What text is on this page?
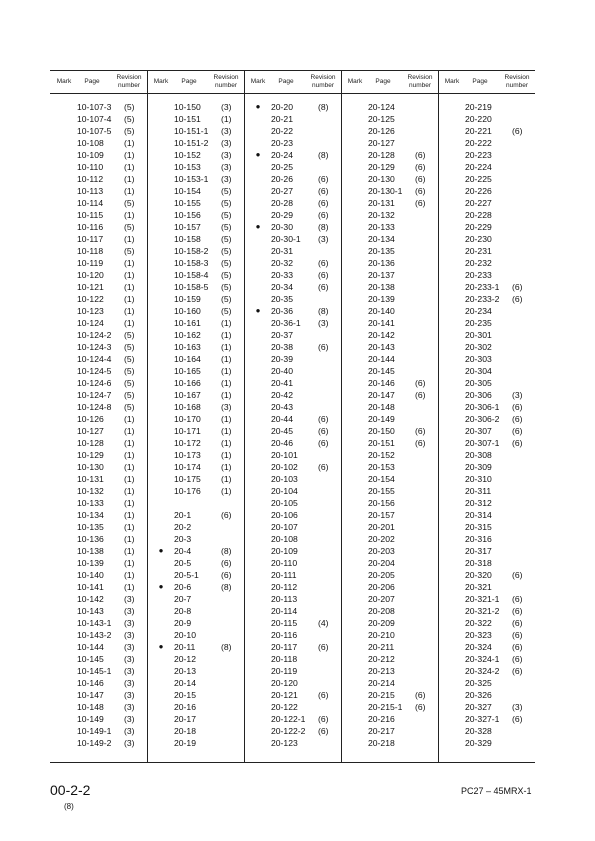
Mark	Page
Revision
number
10-107-3 (5)
10-107-4 (5)
10-107-5 (5)
10-108 (1)
10-109 (1)
10-110 (1)
10-112 (1)
10-113 (1)
10-114 (5)
10-115 (1)
10-116 (5)
10-117 (1)
10-118 (5)
10-119 (1)
10-120 (1)
10-121 (1)
10-122 (1)
10-123 (1)
10-124 (1)
10-124-2 (5)
10-124-3 (5)
10-124-4 (5)
10-124-5 (5)
10-124-6 (5)
10-124-7 (5)
10-124-8 (5)
10-126 (1)
10-127 (1)
10-128 (1)
10-129 (1)
10-130 (1)
10-131 (1)
10-132 (1)
10-133 (1)
10-134 (1)
10-135 (1)
10-136 (1)
10-138 (1)
10-139 (1)
10-140 (1)
10-141 (1)
10-142 (3)
10-143 (3)
10-143-1 (3)
10-143-2 (3)
10-144 (3)
10-145 (3)
10-145-1 (3)
10-146 (3)
10-147 (3)
10-148 (3)
10-149 (3)
10-149-1 (3)
10-149-2 (3)
Mark	Page
Revision
number
10-150 (3)
10-151 (1)
10-151-1 (3)
10-151-2 (3)
10-152 (3)
10-153 (3)
10-153-1 (3)
10-154 (5)
10-155 (5)
10-156 (5)
10-157 (5)
10-158 (5)
10-158-2 (5)
10-158-3 (5)
10-158-4 (5)
10-158-5 (5)
10-159 (5)
10-160 (5)
10-161 (1)
10-162 (1)
10-163 (1)
10-164 (1)
10-165 (1)
10-166 (1)
10-167 (1)
10-168 (3)
10-170 (1)
10-171 (1)
10-172 (1)
10-173 (1)
10-174 (1)
10-175 (1)
10-176 (1)
20-1	(6)
20-2
20-3
● 20-4	(8)
20-5	(6)
20-5-1	(6)
● 20-6	(8)
20-7
20-8
20-9
20-10
● 20-11	(8)
20-12
20-13
20-14
20-15
20-16
20-17
20-18
20-19
Mark	Page
Revision
number
● 20-20	(8)
20-21
20-22
20-23
● 20-24	(8)
20-25
20-26	(6)
20-27	(6)
20-28	(6)
20-29	(6)
● 20-30	(8)
20-30-1 (3)
20-31
20-32	(6)
20-33	(6)
20-34	(6)
20-35
● 20-36	(8)
20-36-1 (3)
20-37
20-38	(6)
20-39
20-40
20-41
20-42
20-43
20-44	(6)
20-45	(6)
20-46	(6)
20-101
20-102 (6)
20-103
20-104
20-105
20-106
20-107
20-108
20-109
20-110
20-111
20-112
20-113
20-114
20-115 (4)
20-116
20-117 (6)
20-118
20-119
20-120
20-121 (6)
20-122
20-122-1 (6)
20-122-2 (6)
20-123
Mark	Page
Revision
number
20-124
20-125
20-126
20-127
20-128 (6)
20-129 (6)
20-130 (6)
20-130-1 (6)
20-131 (6)
20-132
20-133
20-134
20-135
20-136
20-137
20-138
20-139
20-140
20-141
20-142
20-143
20-144
20-145
20-146 (6)
20-147 (6)
20-148
20-149
20-150 (6)
20-151 (6)
20-152
20-153
20-154
20-155
20-156
20-157
20-201
20-202
20-203
20-204
20-205
20-206
20-207
20-208
20-209
20-210
20-211
20-212
20-213
20-214
20-215 (6)
20-215-1 (6)
20-216
20-217
20-218
Mark	Page
Revision
number
20-219
20-220
20-221 (6)
20-222
20-223
20-224
20-225
20-226
20-227
20-228
20-229
20-230
20-231
20-232
20-233
20-233-1 (6)
20-233-2 (6)
20-234
20-235
20-301
20-302
20-303
20-304
20-305
20-306 (3)
20-306-1 (6)
20-306-2 (6)
20-307 (6)
20-307-1 (6)
20-308
20-309
20-310
20-311
20-312
20-314
20-315
20-316
20-317
20-318
20-320 (6)
20-321
20-321-1 (6)
20-321-2 (6)
20-322 (6)
20-323 (6)
20-324 (6)
20-324-1 (6)
20-324-2 (6)
20-325
20-326
20-327 (3)
20-327-1 (6)
20-328
20-329
00-2-2
(8)
PC27 – 45MRX-1
